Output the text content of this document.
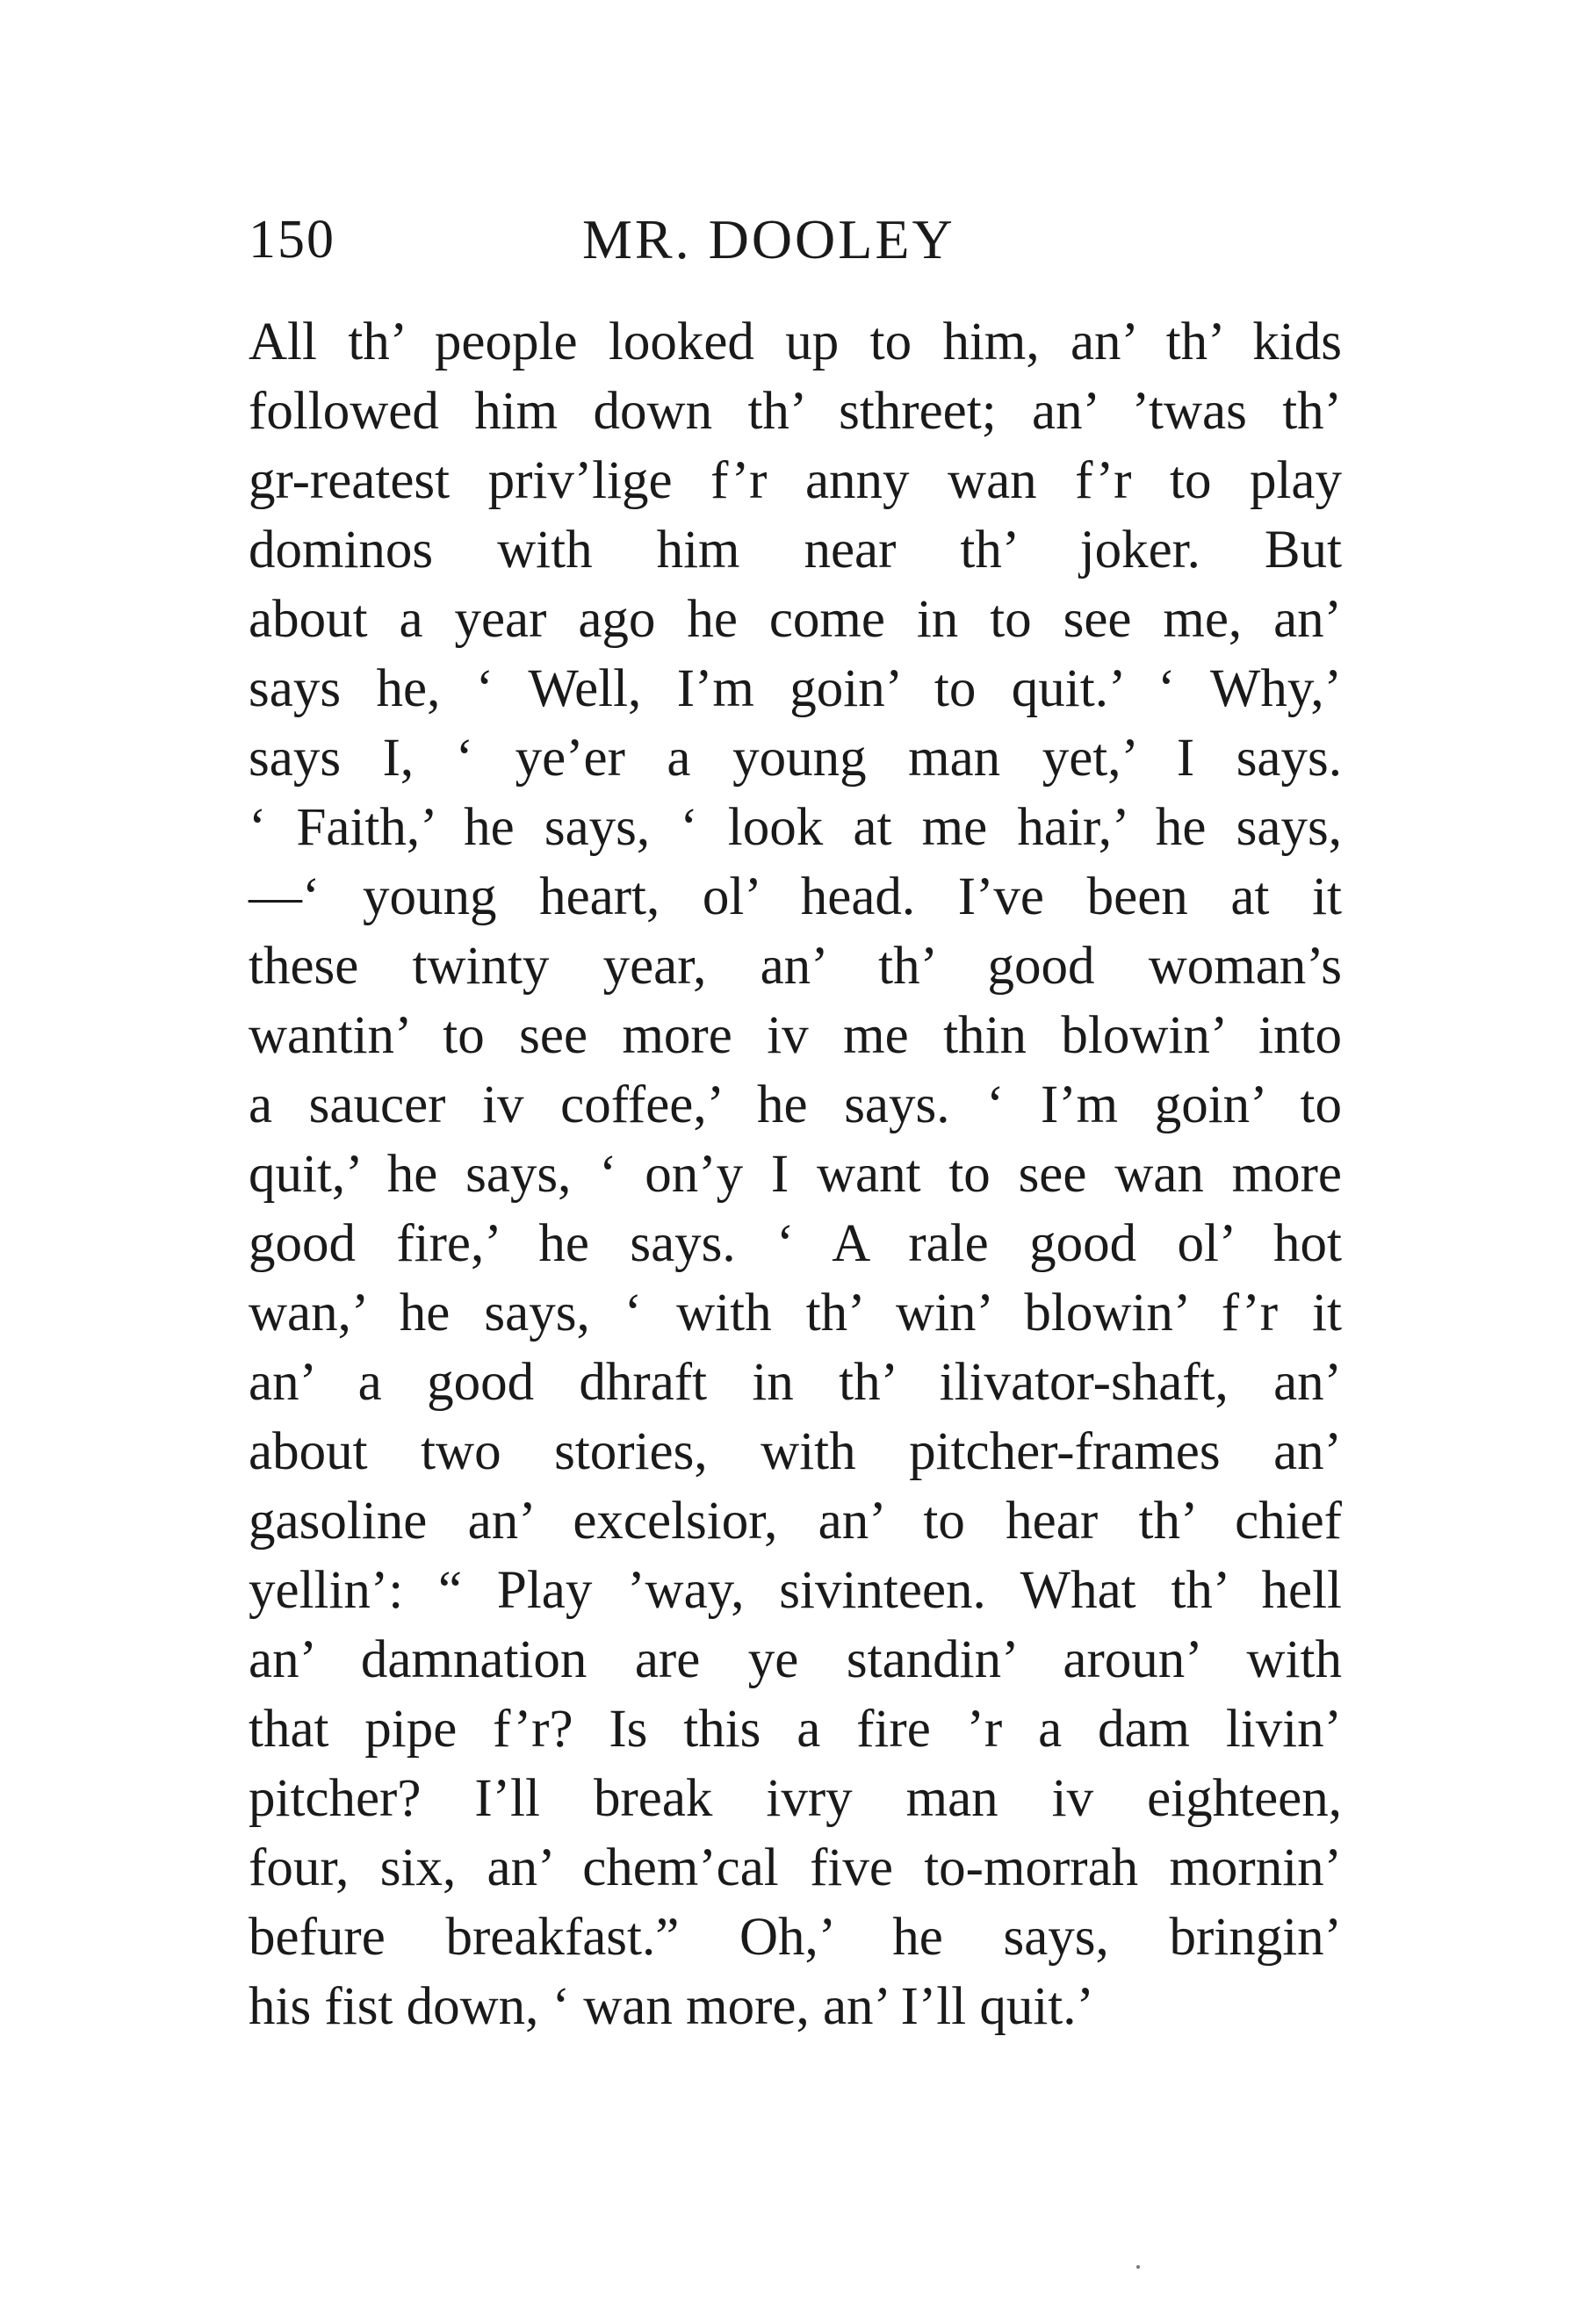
150	MR. DOOLEY
All th’ people looked up to him, an’ th’ kids
followed him down th’ sthreet; an’ ’twas th’
gr-reatest priv’lige f’r anny wan f’r to play
dominos with him near th’ joker. But
about a year ago he come in to see me, an’
says he, ‘ Well, I’m goin’ to quit.’ ‘ Why,’
says I, ‘ ye’er a young man yet,’ I says.
‘ Faith,’ he says, ‘ look at me hair,’ he says,
—‘ young heart, ol’ head. I’ve been at it
these twinty year, an’ th’ good woman’s
wantin’ to see more iv me thin blowin’ into
a saucer iv coffee,’ he says. ‘ I’m goin’ to
quit,’ he says, ‘ on’y I want to see wan more
good fire,’ he says. ‘ A rale good ol’ hot
wan,’ he says, ‘ with th’ win’ blowin’ f’r it
an’ a good dhraft in th’ ilivator-shaft, an’
about two stories, with pitcher-frames an’
gasoline an’ excelsior, an’ to hear th’ chief
yellin’: “ Play ’way, sivinteen. What th’ hell
an’ damnation are ye standin’ aroun’ with
that pipe f’r? Is this a fire ’r a dam livin’
pitcher? I’ll break ivry man iv eighteen,
four, six, an’ chem’cal five to-morrah mornin’
befure breakfast.” Oh,’ he says, bringin’
his fist down, ‘ wan more, an’ I’ll quit.’
